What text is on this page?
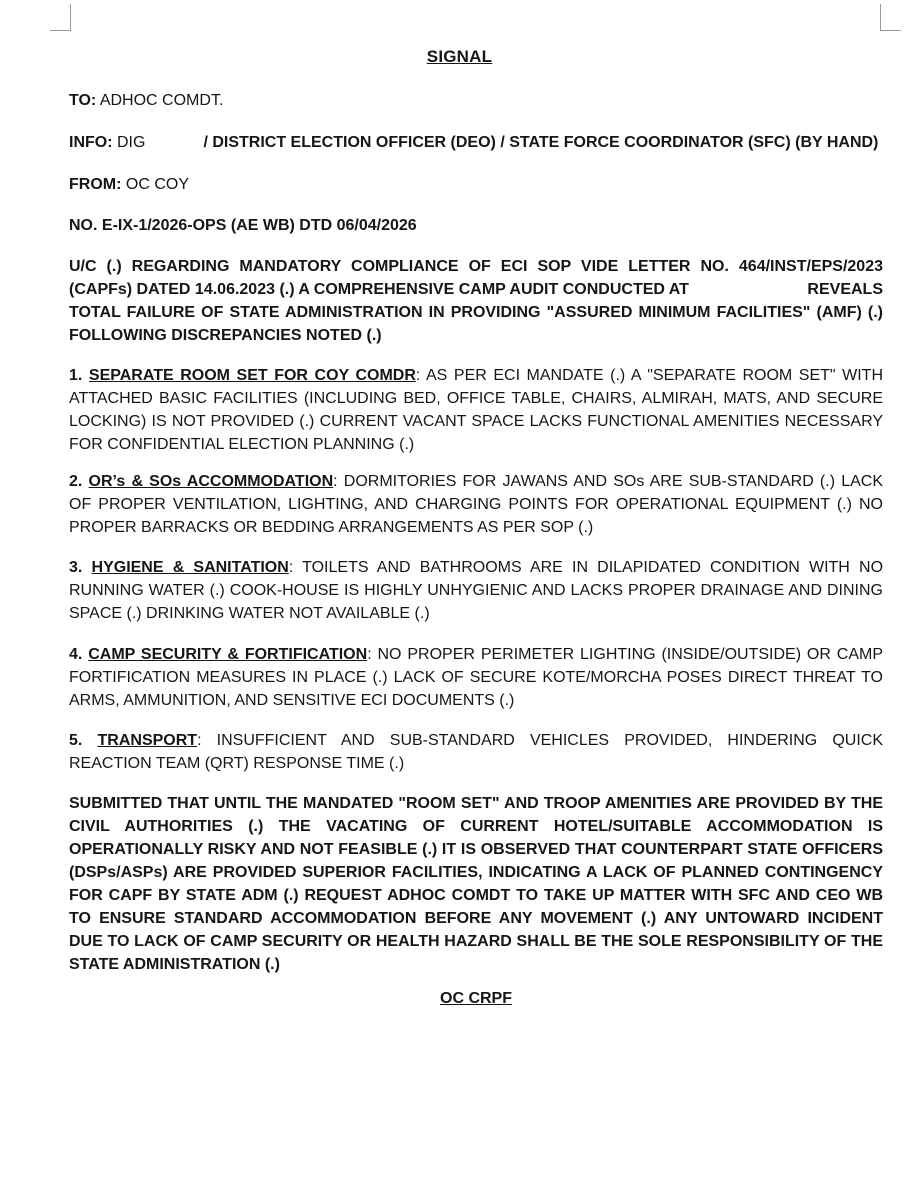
SIGNAL
TO: ADHOC COMDT.
INFO: DIG	/ DISTRICT ELECTION OFFICER (DEO) / STATE FORCE COORDINATOR (SFC) (BY HAND)
FROM: OC COY
NO. E-IX-1/2026-OPS (AE WB) DTD 06/04/2026
U/C (.) REGARDING MANDATORY COMPLIANCE OF ECI SOP VIDE LETTER NO. 464/INST/EPS/2023
(CAPFs) DATED 14.06.2023 (.) A COMPREHENSIVE CAMP AUDIT CONDUCTED AT	REVEALS
TOTAL FAILURE OF STATE ADMINISTRATION IN PROVIDING "ASSURED MINIMUM FACILITIES" (AMF) (.)
FOLLOWING DISCREPANCIES NOTED (.)
1. SEPARATE ROOM SET FOR COY COMDR: AS PER ECI MANDATE (.) A "SEPARATE ROOM SET" WITH ATTACHED BASIC FACILITIES (INCLUDING BED, OFFICE TABLE, CHAIRS, ALMIRAH, MATS, AND SECURE LOCKING) IS NOT PROVIDED (.) CURRENT VACANT SPACE LACKS FUNCTIONAL AMENITIES NECESSARY FOR CONFIDENTIAL ELECTION PLANNING (.)
2. OR’s & SOs ACCOMMODATION: DORMITORIES FOR JAWANS AND SOs ARE SUB-STANDARD (.) LACK OF PROPER VENTILATION, LIGHTING, AND CHARGING POINTS FOR OPERATIONAL EQUIPMENT (.) NO PROPER BARRACKS OR BEDDING ARRANGEMENTS AS PER SOP (.)
3. HYGIENE & SANITATION: TOILETS AND BATHROOMS ARE IN DILAPIDATED CONDITION WITH NO RUNNING WATER (.) COOK-HOUSE IS HIGHLY UNHYGIENIC AND LACKS PROPER DRAINAGE AND DINING SPACE (.) DRINKING WATER NOT AVAILABLE (.)
4. CAMP SECURITY & FORTIFICATION: NO PROPER PERIMETER LIGHTING (INSIDE/OUTSIDE) OR CAMP FORTIFICATION MEASURES IN PLACE (.) LACK OF SECURE KOTE/MORCHA POSES DIRECT THREAT TO ARMS, AMMUNITION, AND SENSITIVE ECI DOCUMENTS (.)
5. TRANSPORT: INSUFFICIENT AND SUB-STANDARD VEHICLES PROVIDED, HINDERING QUICK REACTION TEAM (QRT) RESPONSE TIME (.)
SUBMITTED THAT UNTIL THE MANDATED "ROOM SET" AND TROOP AMENITIES ARE PROVIDED BY THE CIVIL AUTHORITIES (.) THE VACATING OF CURRENT HOTEL/SUITABLE ACCOMMODATION IS OPERATIONALLY RISKY AND NOT FEASIBLE (.) IT IS OBSERVED THAT COUNTERPART STATE OFFICERS (DSPs/ASPs) ARE PROVIDED SUPERIOR FACILITIES, INDICATING A LACK OF PLANNED CONTINGENCY FOR CAPF BY STATE ADM (.) REQUEST ADHOC COMDT TO TAKE UP MATTER WITH SFC AND CEO WB TO ENSURE STANDARD ACCOMMODATION BEFORE ANY MOVEMENT (.) ANY UNTOWARD INCIDENT DUE TO LACK OF CAMP SECURITY OR HEALTH HAZARD SHALL BE THE SOLE RESPONSIBILITY OF THE STATE ADMINISTRATION (.)
OC CRPF
